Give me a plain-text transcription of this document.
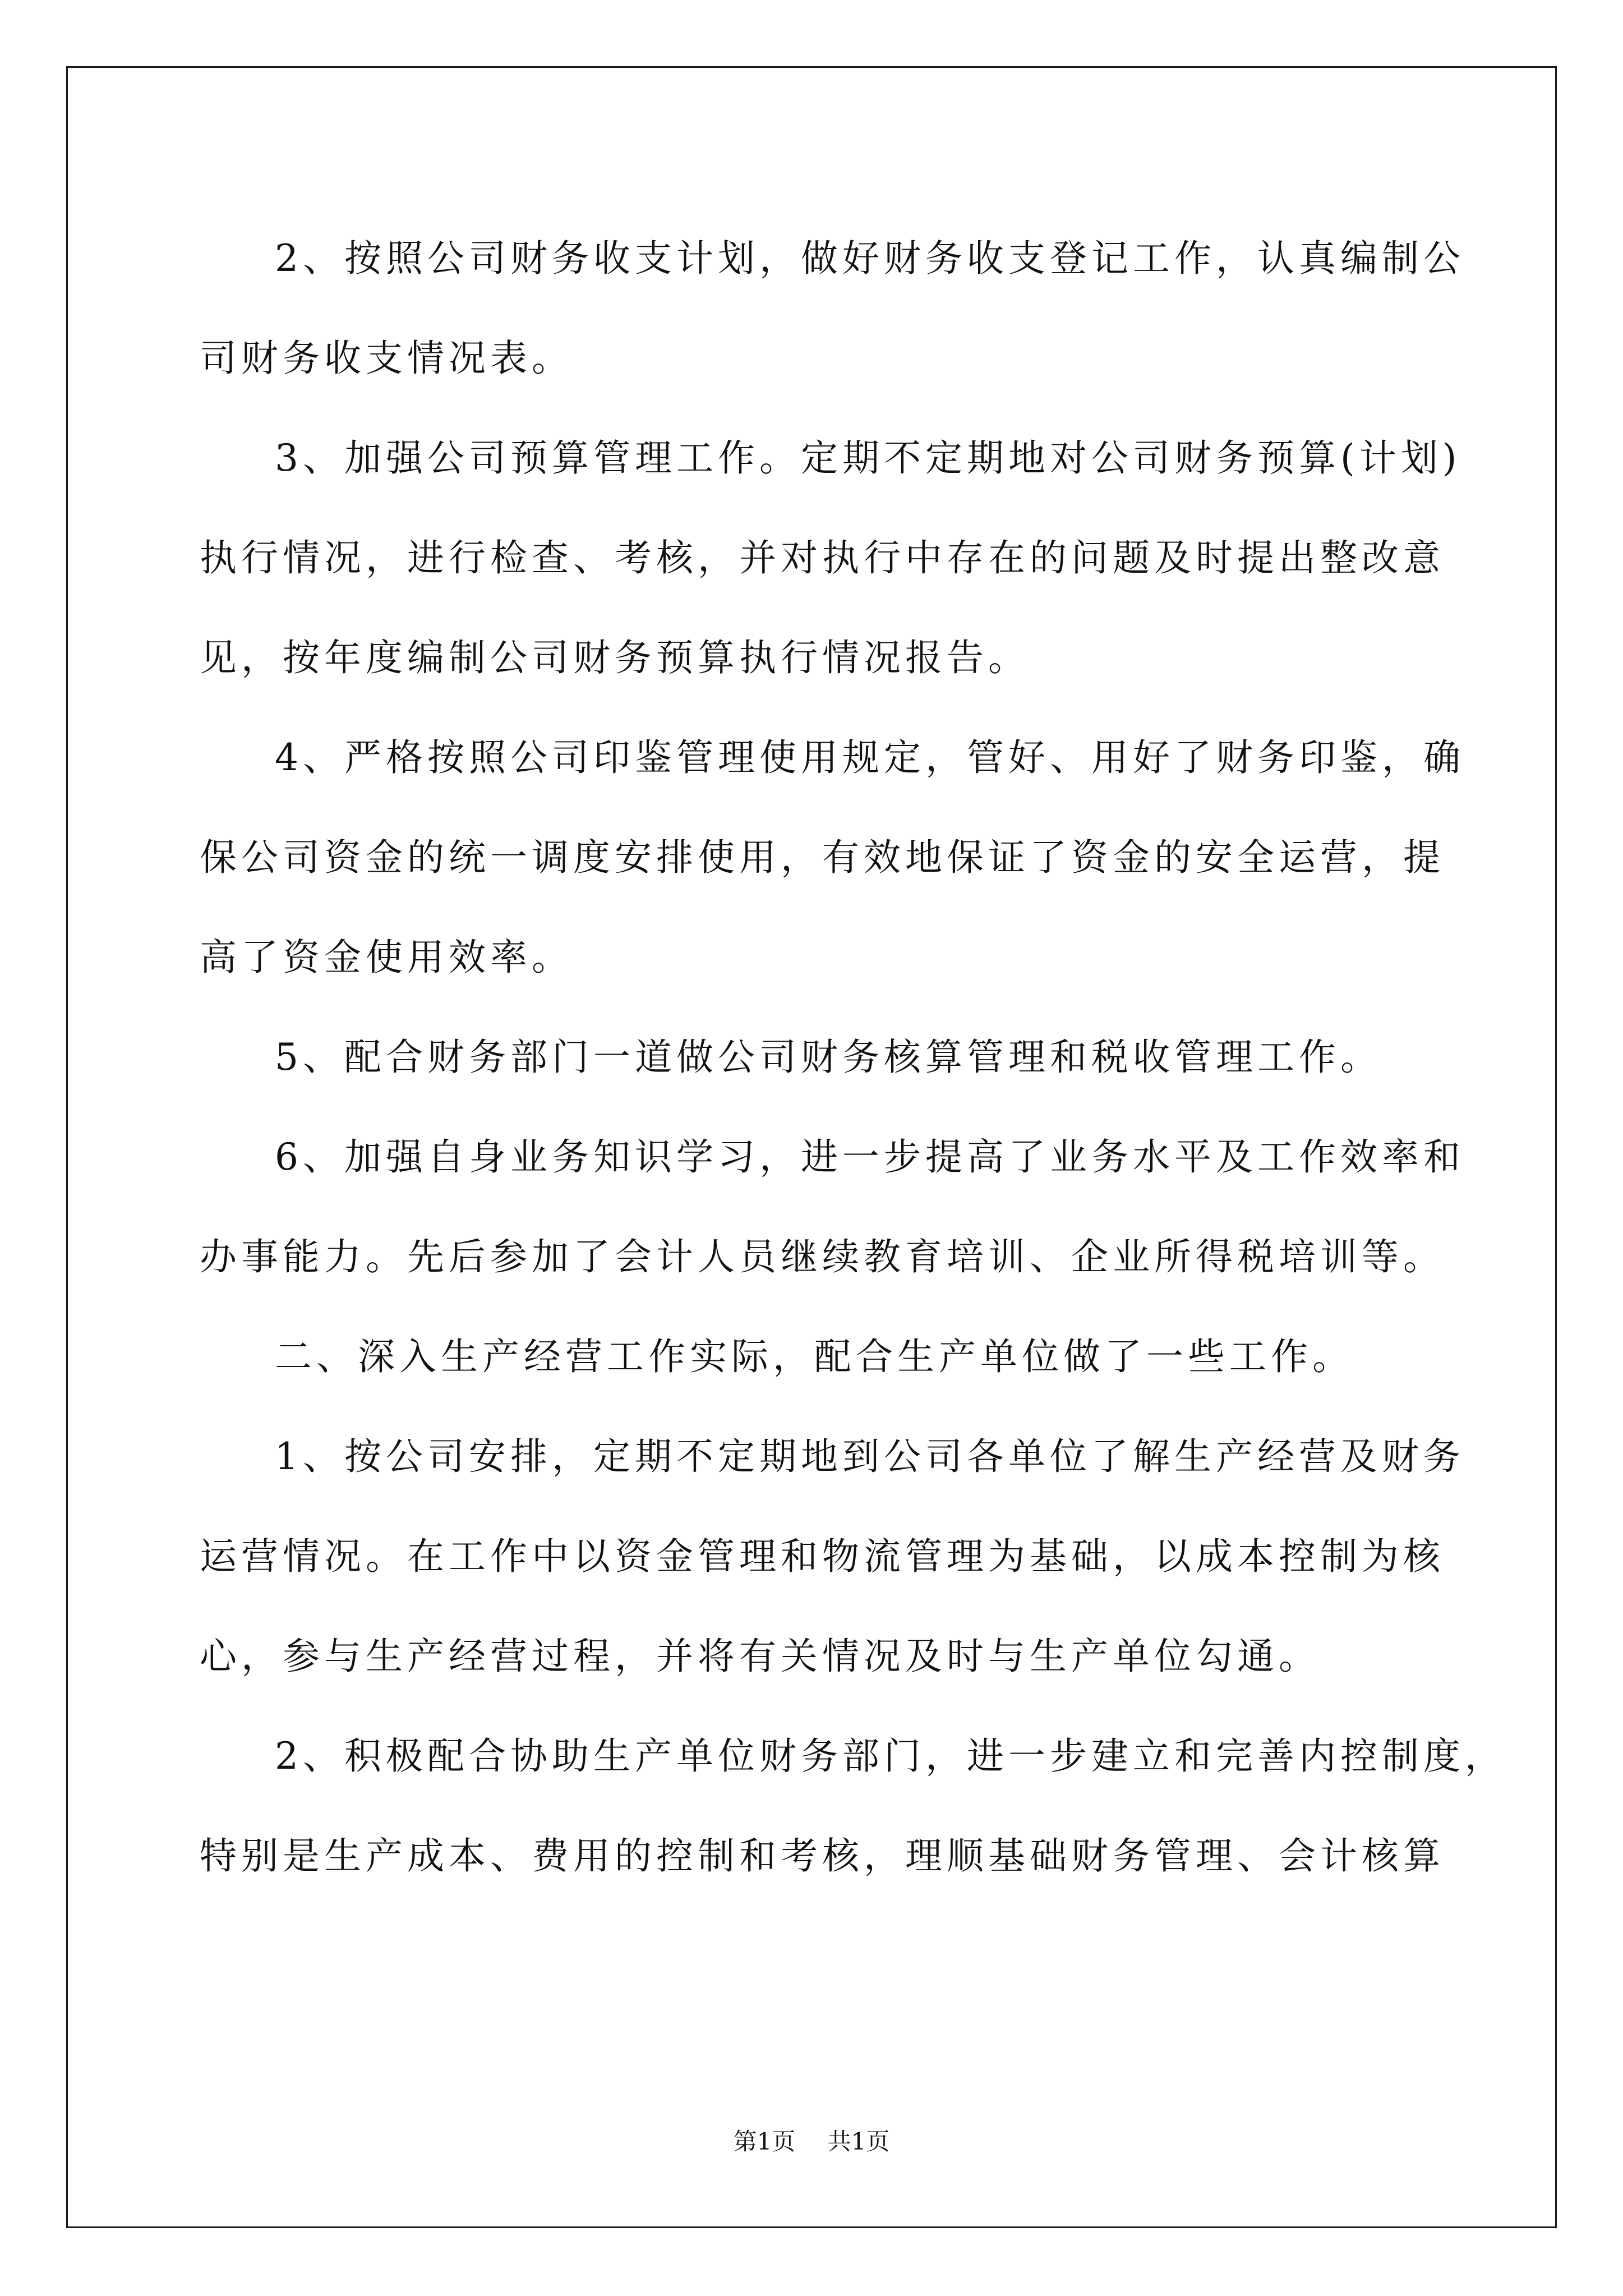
2、按照公司财务收支计划，做好财务收支登记工作，认真编制公
司财务收支情况表。
3、加强公司预算管理工作。定期不定期地对公司财务预算(计划)
执行情况，进行检查、考核，并对执行中存在的问题及时提出整改意
见，按年度编制公司财务预算执行情况报告。
4、严格按照公司印鉴管理使用规定，管好、用好了财务印鉴，确
保公司资金的统一调度安排使用，有效地保证了资金的安全运营，提
高了资金使用效率。
5、配合财务部门一道做公司财务核算管理和税收管理工作。
6、加强自身业务知识学习，进一步提高了业务水平及工作效率和
办事能力。先后参加了会计人员继续教育培训、企业所得税培训等。
二、深入生产经营工作实际，配合生产单位做了一些工作。
1、按公司安排，定期不定期地到公司各单位了解生产经营及财务
运营情况。在工作中以资金管理和物流管理为基础，以成本控制为核
心，参与生产经营过程，并将有关情况及时与生产单位勾通。
2、积极配合协助生产单位财务部门，进一步建立和完善内控制度，
特别是生产成本、费用的控制和考核，理顺基础财务管理、会计核算
第1页 共1页
